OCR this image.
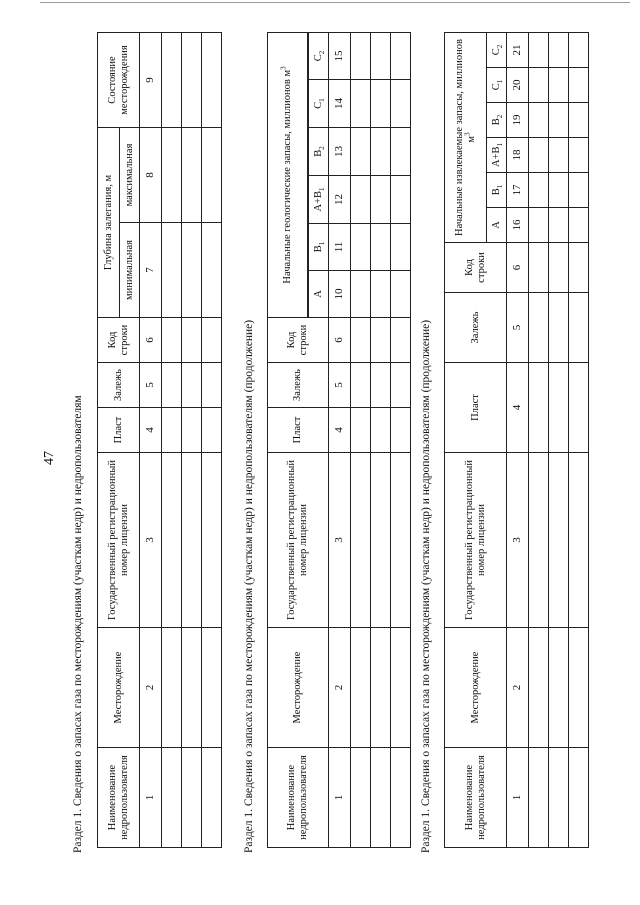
47 Раздел 1. Сведения о запасах газа по месторождениям (участкам недр) и недропользователям Наименование недропользователя	Месторождение	Государственный регистрационный номер лицензии	Пласт	Залежь	Код строки	Глубина залегания, м		Состояние месторождения
						минимальная	максимальная	
1	2	3	4	5	6	7	8	9

Раздел 1. Сведения о запасах газа по месторождениям (участкам недр) и недропользователям (продолжение)	Наименование недропользователя	Месторождение	Государственный регистрационный номер лицензии	Пласт	Залежь	Код строки	Начальные геологические запасы, миллионов $м^3$

						A	$B_1$	$A+B_1$	$B_2$	$C_1$	$C_2$
1	2	3	4	5	6	10	11	12	13	14	15

Раздел 1. Сведения о запасах газа по месторождениям (участкам недр) и недропользователям (продолжение)	Наименование недропользователя	Месторождение	Государственный регистрационный номер лицензии	Пласт	Залежь	Код строки	Начальные извлекаемые запасы, миллионов $м^3$
						A	$B_1$	$A+B_1$	$B_2$	$C_1$	$C_2$
1	2	3	4	5	6	16	17	18	19	20	21
